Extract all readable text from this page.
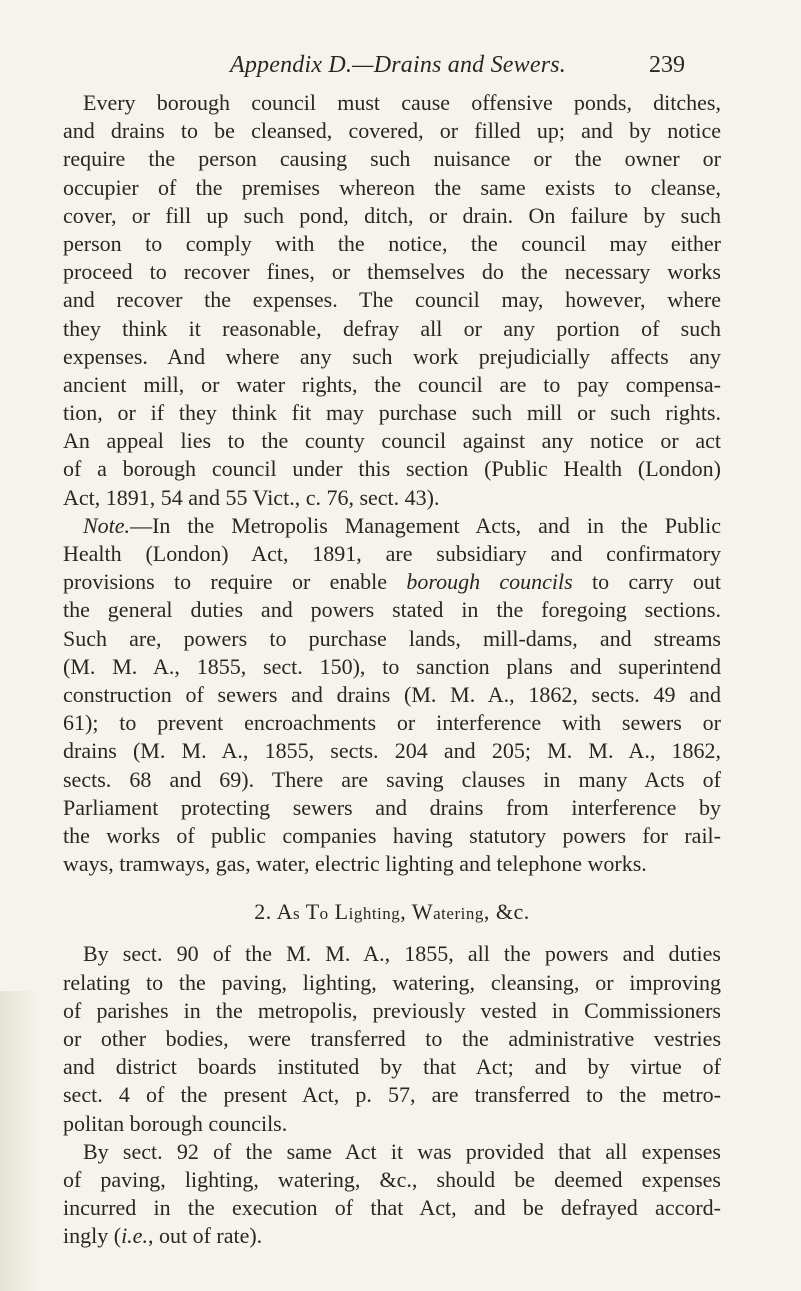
Appendix D.—Drains and Sewers.	239
Every borough council must cause offensive ponds, ditches,
and drains to be cleansed, covered, or filled up; and by notice
require the person causing such nuisance or the owner or
occupier of the premises whereon the same exists to cleanse,
cover, or fill up such pond, ditch, or drain. On failure by such
person to comply with the notice, the council may either
proceed to recover fines, or themselves do the necessary works
and recover the expenses. The council may, however, where
they think it reasonable, defray all or any portion of such
expenses. And where any such work prejudicially affects any
ancient mill, or water rights, the council are to pay compensa-
tion, or if they think fit may purchase such mill or such rights.
An appeal lies to the county council against any notice or act
of a borough council under this section (Public Health (London)
Act, 1891, 54 and 55 Vict., c. 76, sect. 43).
Note.—In the Metropolis Management Acts, and in the Public
Health (London) Act, 1891, are subsidiary and confirmatory
provisions to require or enable borough councils to carry out
the general duties and powers stated in the foregoing sections.
Such are, powers to purchase lands, mill-dams, and streams
(M. M. A., 1855, sect. 150), to sanction plans and superintend
construction of sewers and drains (M. M. A., 1862, sects. 49 and
61); to prevent encroachments or interference with sewers or
drains (M. M. A., 1855, sects. 204 and 205; M. M. A., 1862,
sects. 68 and 69). There are saving clauses in many Acts of
Parliament protecting sewers and drains from interference by
the works of public companies having statutory powers for rail-
ways, tramways, gas, water, electric lighting and telephone works.
2. As To Lighting, Watering, &c.
By sect. 90 of the M. M. A., 1855, all the powers and duties
relating to the paving, lighting, watering, cleansing, or improving
of parishes in the metropolis, previously vested in Commissioners
or other bodies, were transferred to the administrative vestries
and district boards instituted by that Act; and by virtue of
sect. 4 of the present Act, p. 57, are transferred to the metro-
politan borough councils.
By sect. 92 of the same Act it was provided that all expenses
of paving, lighting, watering, &c., should be deemed expenses
incurred in the execution of that Act, and be defrayed accord-
ingly (i.e., out of rate).
